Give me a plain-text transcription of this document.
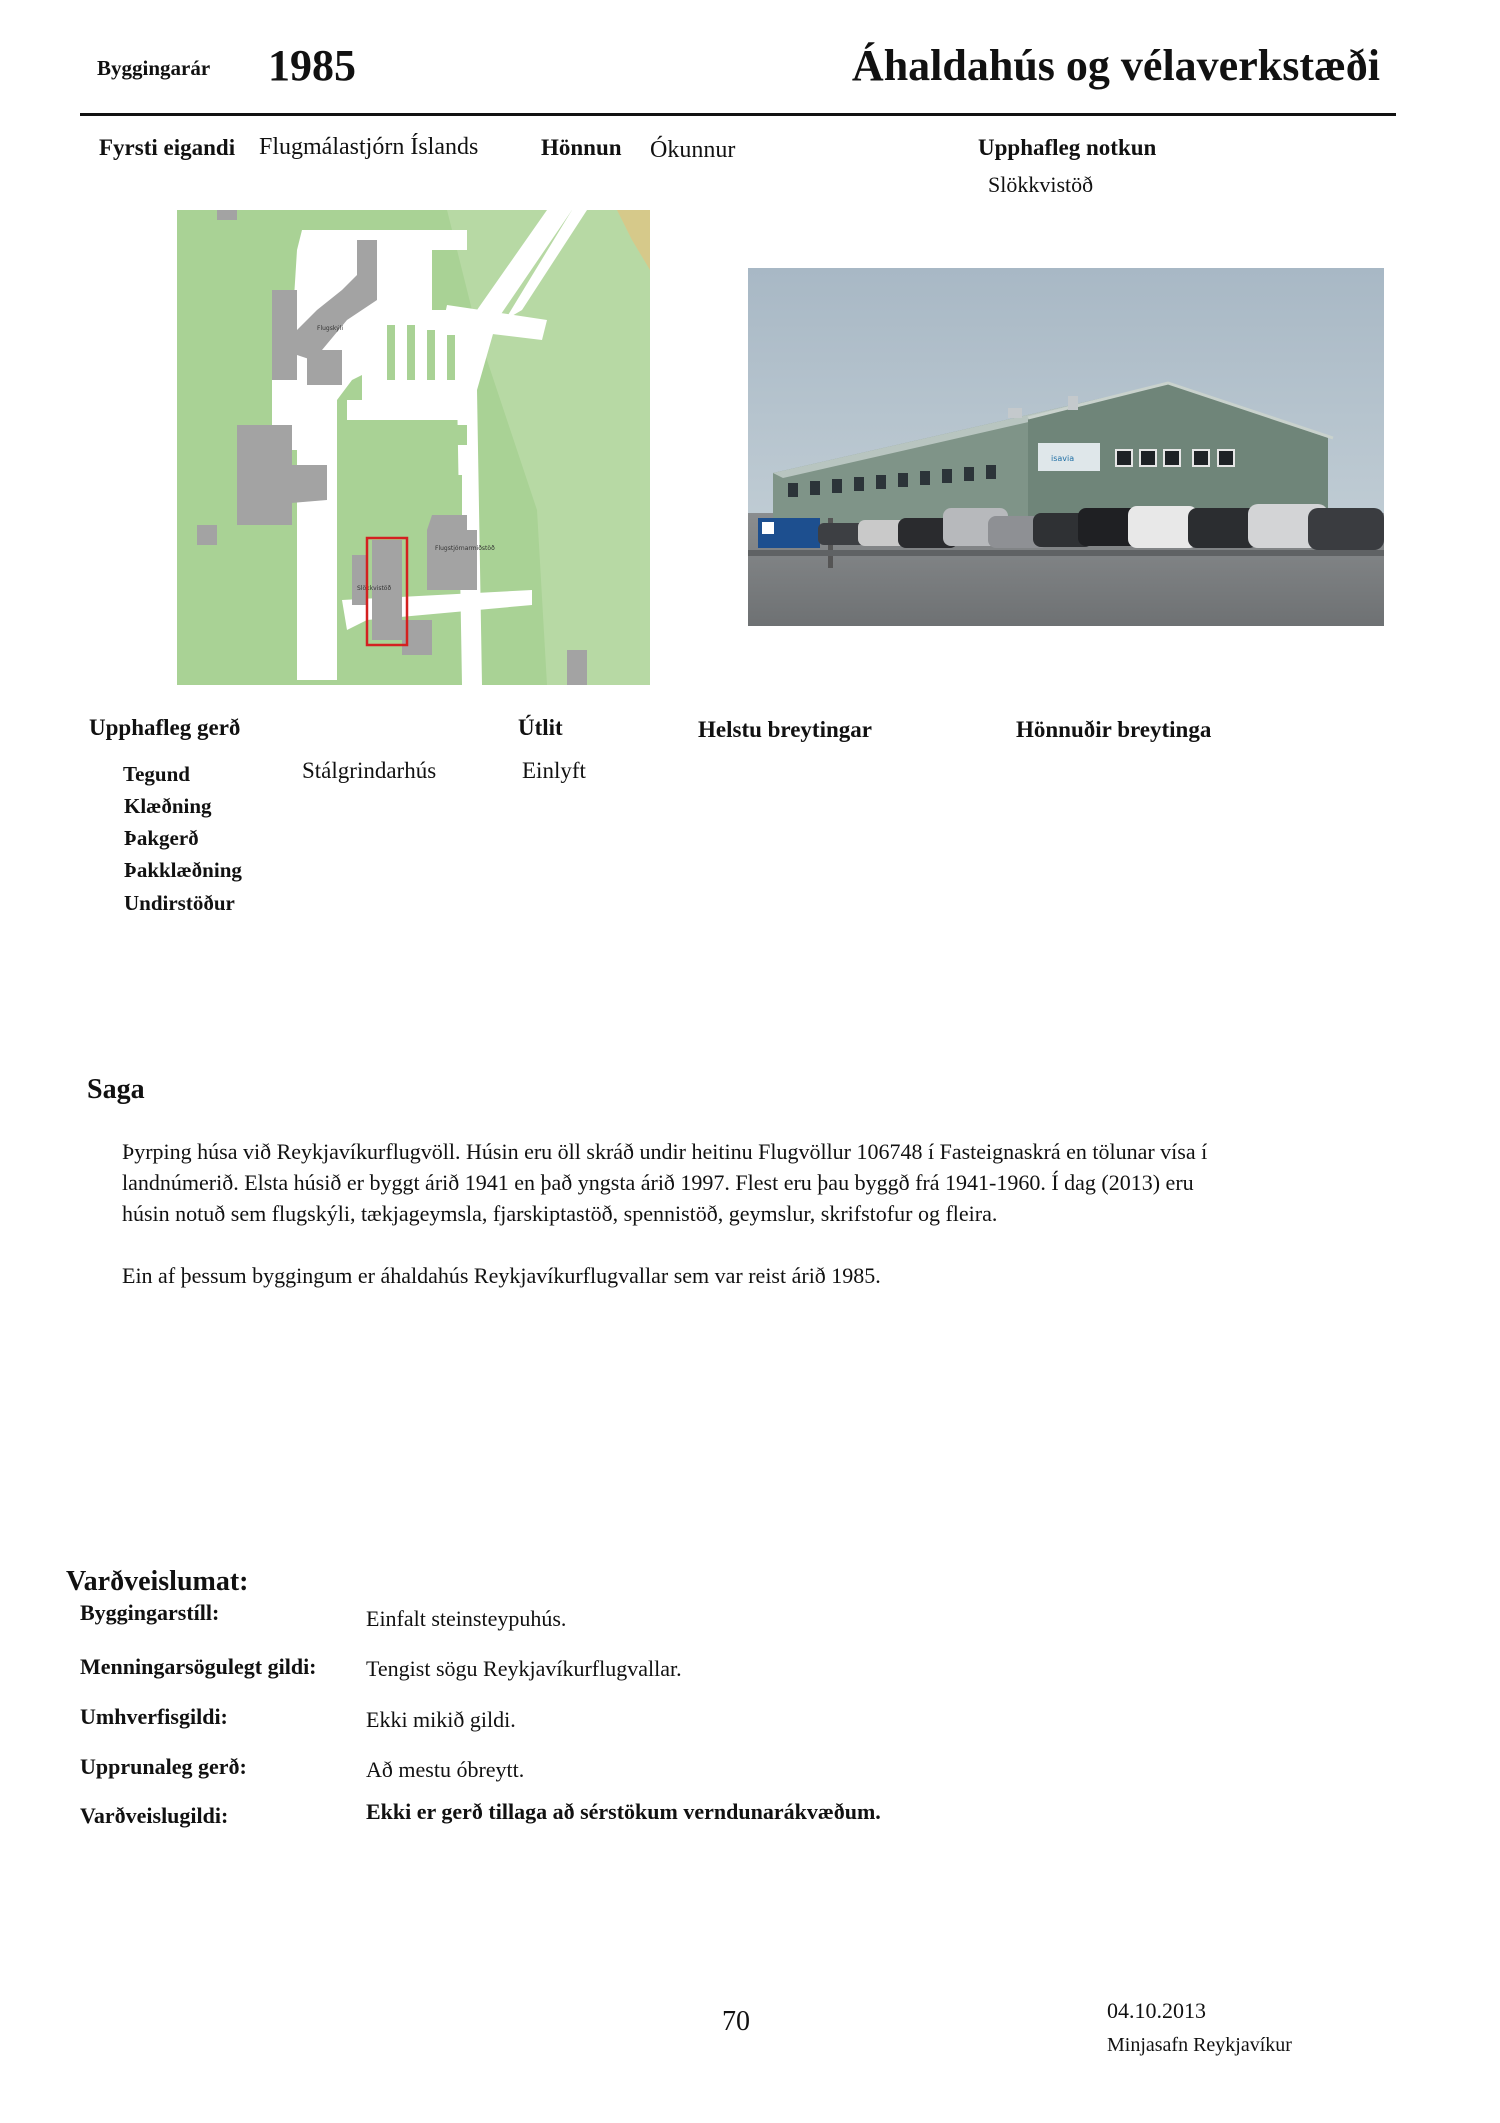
Byggingarár 1985	Áhaldahús og vélaverkstæði
Fyrsti eigandi Flugmálastjórn Íslands	Hönnun Ókunnur	Upphafleg notkun
Slökkvistöð
Flugskýli
Slökkvistöð
Flugstjórnarmiðstöð
isavia
Upphafleg gerð	Útlit	Helstu breytingar	Hönnuðir breytinga
Tegund	Stálgrindarhús	Einlyft
Klæðning
Þakgerð
Þakklæðning
Undirstöður
Saga
Þyrping húsa við Reykjavíkurflugvöll. Húsin eru öll skráð undir heitinu Flugvöllur 106748 í Fasteignaskrá en tölunar vísa í
landnúmerið. Elsta húsið er byggt árið 1941 en það yngsta árið 1997. Flest eru þau byggð frá 1941-1960. Í dag (2013) eru
húsin notuð sem flugskýli, tækjageymsla, fjarskiptastöð, spennistöð, geymslur, skrifstofur og fleira.
Ein af þessum byggingum er áhaldahús Reykjavíkurflugvallar sem var reist árið 1985.
Varðveislumat:
Byggingarstíll:	Einfalt steinsteypuhús.
Menningarsögulegt gildi: Tengist sögu Reykjavíkurflugvallar.
Umhverfisgildi:	Ekki mikið gildi.
Upprunaleg gerð:	Að mestu óbreytt.
Varðveislugildi:	Ekki er gerð tillaga að sérstökum verndunarákvæðum.
70	04.10.2013
Minjasafn Reykjavíkur
